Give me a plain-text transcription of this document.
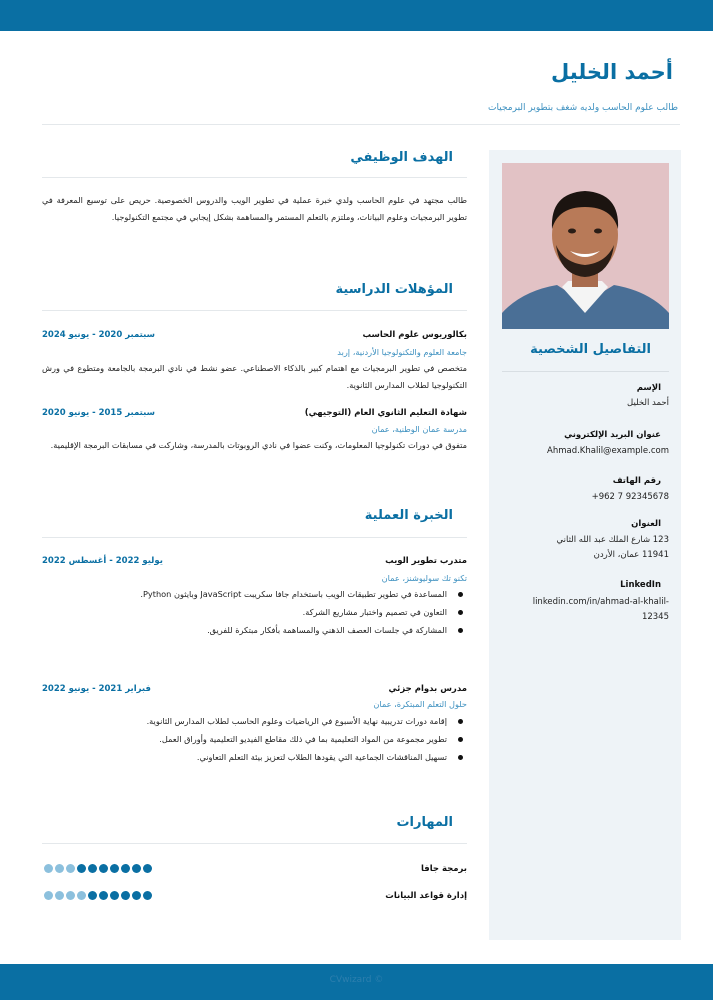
أحمد الخليل
طالب علوم الحاسب ولديه شغف بتطوير البرمجيات
التفاصيل الشخصية
الإسم
أحمد الخليل
عنوان البريد الإلكتروني
Ahmad.Khalil@example.com
رقم الهاتف
+962 7 92345678
العنوان
123 شارع الملك عبد الله الثاني
11941 عمان، الأردن
LinkedIn
linkedin.com/in/ahmad-al-khalil-
12345
الهدف الوظيفي

طالب مجتهد في علوم الحاسب ولدي خبرة عملية في تطوير الويب والدروس الخصوصية. حريص على توسيع المعرفة في تطوير البرمجيات وعلوم البيانات، وملتزم بالتعلم المستمر والمساهمة بشكل إيجابي في مجتمع التكنولوجيا.

المؤهلات الدراسية
بكالوريوس علوم الحاسب
سبتمبر 2020 - يونيو 2024
جامعة العلوم والتكنولوجيا الأردنية، إربد

متخصص في تطوير البرمجيات مع اهتمام كبير بالذكاء الاصطناعي. عضو نشط في نادي البرمجة بالجامعة ومتطوع في ورش التكنولوجيا لطلاب المدارس الثانوية.

شهادة التعليم الثانوي العام (التوجيهي)
سبتمبر 2015 - يونيو 2020
مدرسة عمان الوطنية، عمان

متفوق في دورات تكنولوجيا المعلومات، وكنت عضوا في نادي الروبوتات بالمدرسة، وشاركت في مسابقات البرمجة الإقليمية.

الخبرة العملية
متدرب تطوير الويب
يوليو 2022 - أغسطس 2022
تكنو تك سوليوشنز، عمان
المساعدة في تطوير تطبيقات الويب باستخدام جافا سكريبت JavaScript وبايثون Python.
التعاون في تصميم واختبار مشاريع الشركة.
المشاركة في جلسات العصف الذهني والمساهمة بأفكار مبتكرة للفريق.
مدرس بدوام جزئي
فبراير 2021 - يونيو 2022
حلول التعلم المبتكرة، عمان
إقامة دورات تدريبية نهاية الأسبوع في الرياضيات وعلوم الحاسب لطلاب المدارس الثانوية.
تطوير مجموعة من المواد التعليمية بما في ذلك مقاطع الفيديو التعليمية وأوراق العمل.
تسهيل المناقشات الجماعية التي يقودها الطلاب لتعزيز بيئة التعلم التعاوني.
المهارات
برمجة جافا
إدارة قواعد البيانات
CVwizard ©
